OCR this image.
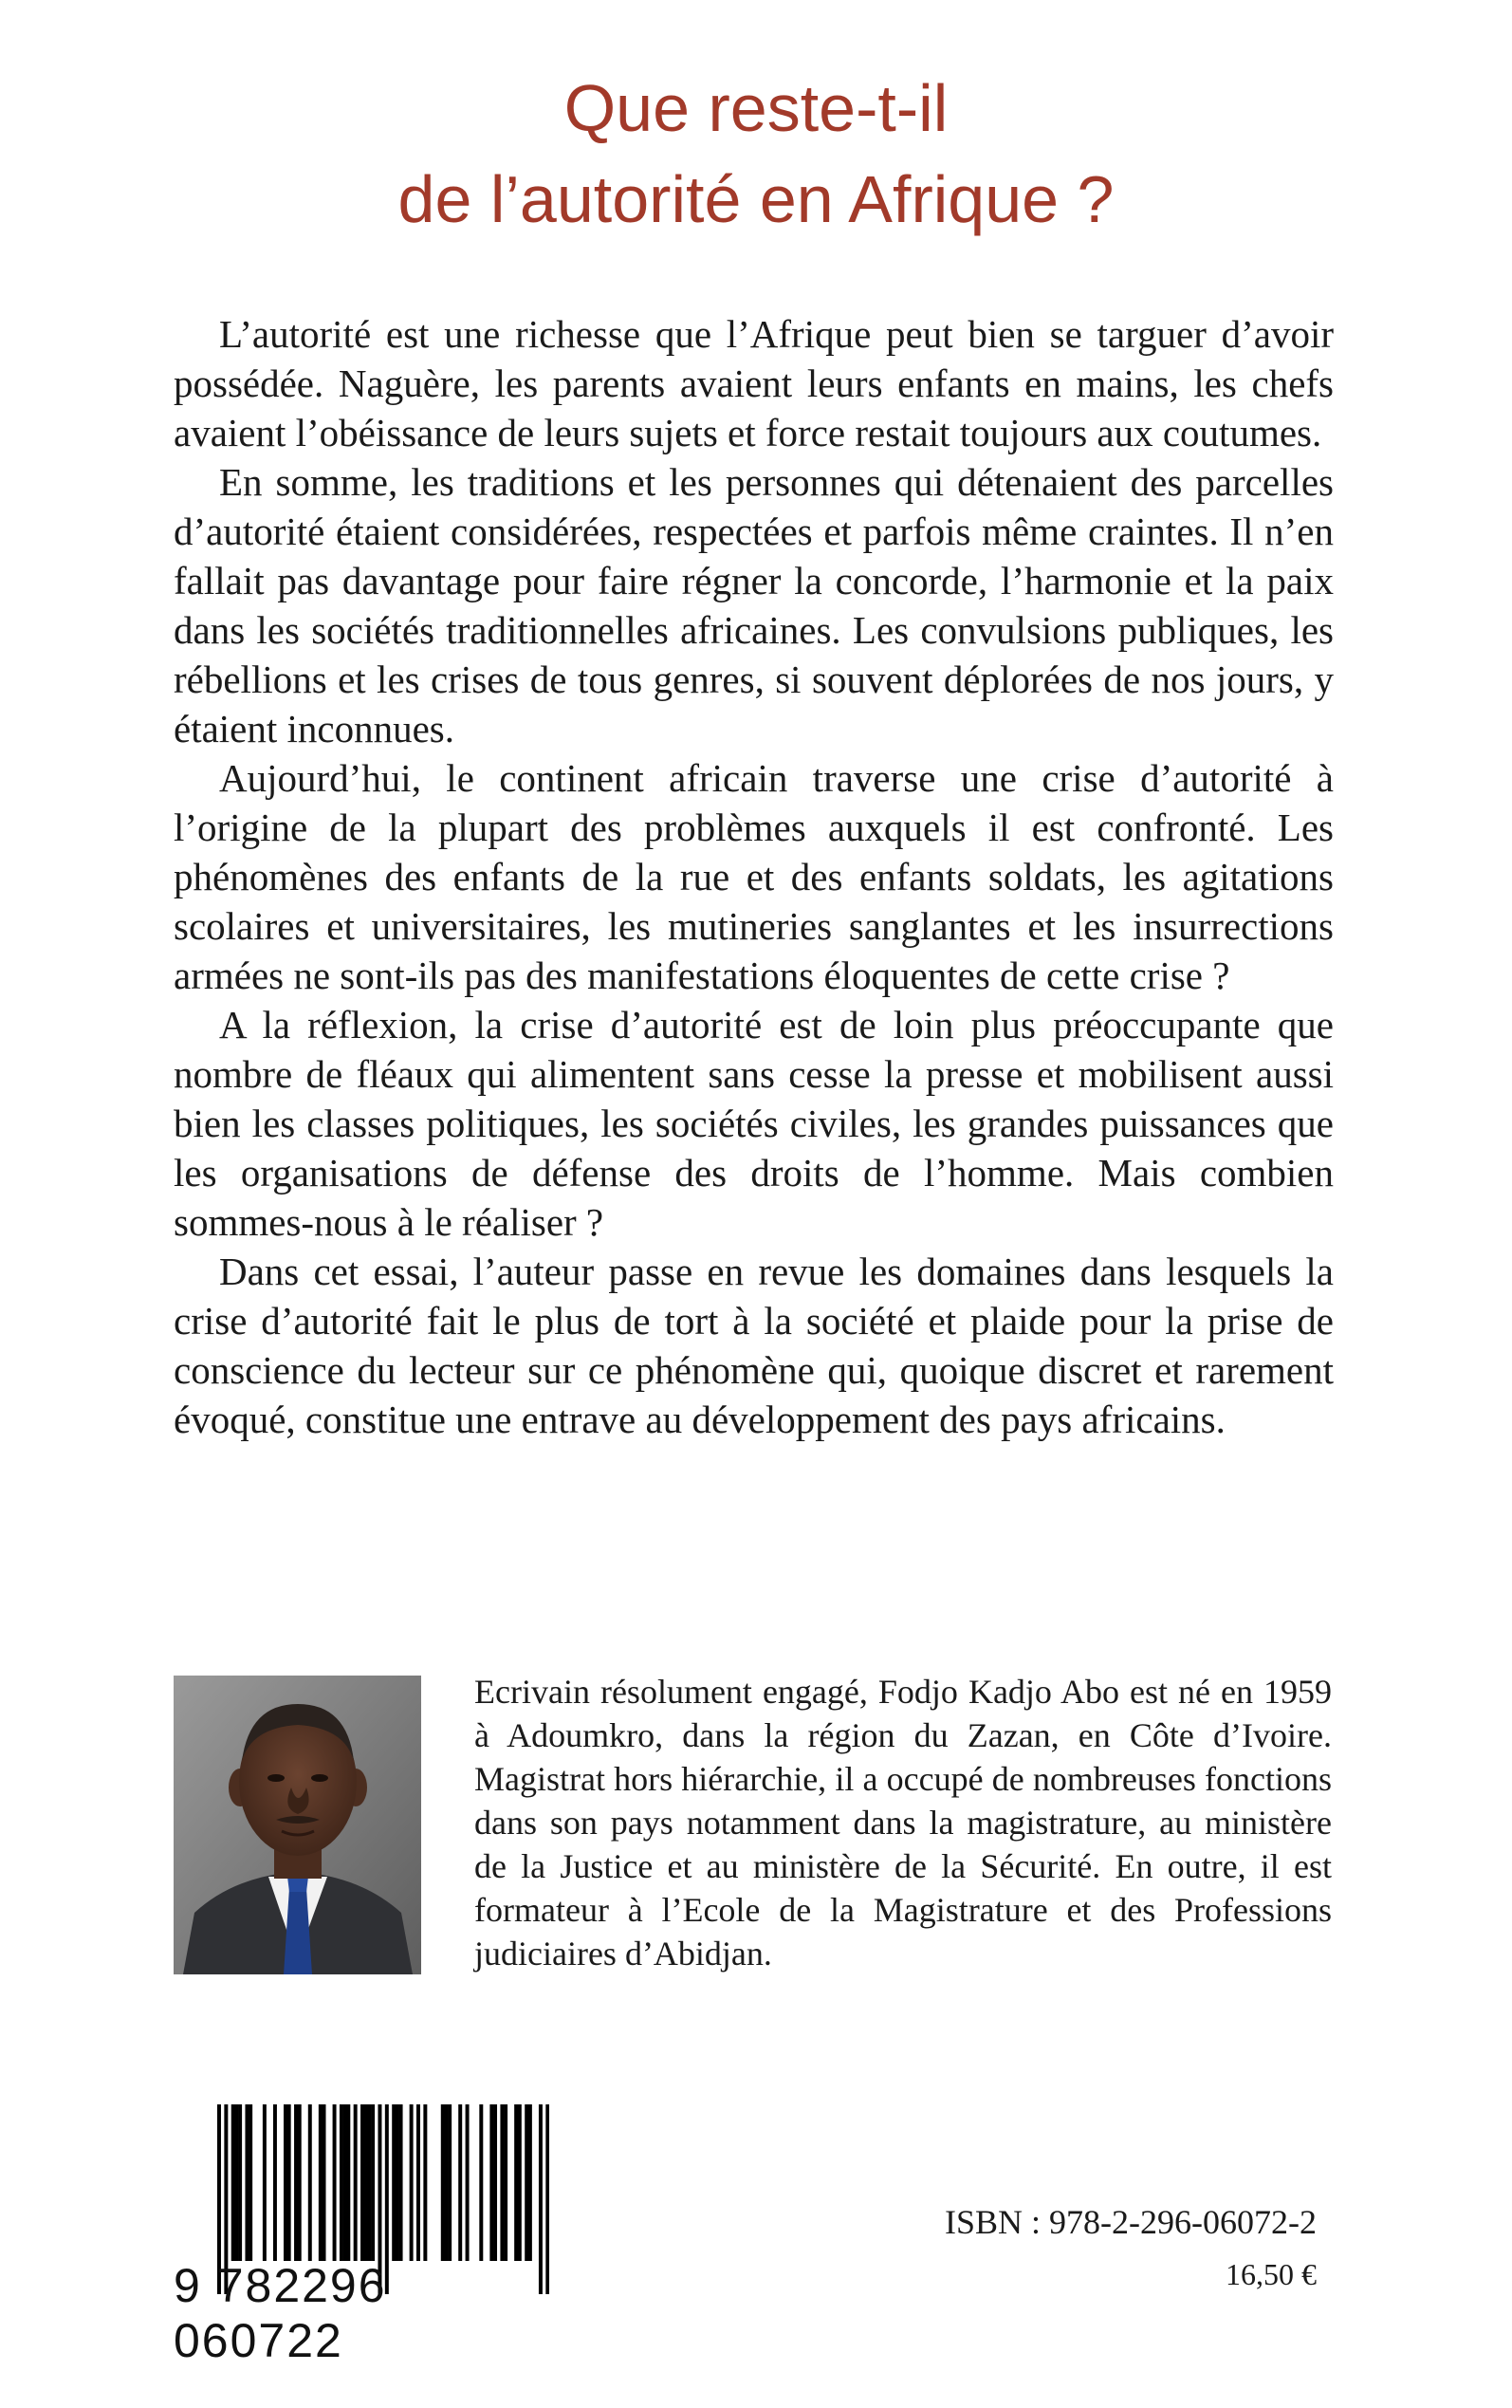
Que reste-t-il
de l’autorité en Afrique ?

L’autorité est une richesse que l’Afrique peut bien se targuer d’avoir possédée. Naguère, les parents avaient leurs enfants en mains, les chefs avaient l’obéissance de leurs sujets et force restait toujours aux coutumes.

En somme, les traditions et les personnes qui détenaient des parcelles d’autorité étaient considérées, respectées et parfois même craintes. Il n’en fallait pas davantage pour faire régner la concorde, l’harmonie et la paix dans les sociétés traditionnelles africaines. Les convulsions publiques, les rébellions et les crises de tous genres, si souvent déplorées de nos jours, y étaient inconnues.

Aujourd’hui, le continent africain traverse une crise d’autorité à l’origine de la plupart des problèmes auxquels il est confronté. Les phénomènes des enfants de la rue et des enfants soldats, les agitations scolaires et universitaires, les mutineries sanglantes et les insurrections armées ne sont-ils pas des manifestations éloquentes de cette crise ?

A la réflexion, la crise d’autorité est de loin plus préoccupante que nombre de fléaux qui alimentent sans cesse la presse et mobilisent aussi bien les classes politiques, les sociétés civiles, les grandes puissances que les organisations de défense des droits de l’homme. Mais combien sommes-nous à le réaliser ?

Dans cet essai, l’auteur passe en revue les domaines dans lesquels la crise d’autorité fait le plus de tort à la société et plaide pour la prise de conscience du lecteur sur ce phénomène qui, quoique discret et rarement évoqué, constitue une entrave au développement des pays africains.

Ecrivain résolument engagé, Fodjo Kadjo Abo est né en 1959 à Adoumkro, dans la région du Zazan, en Côte d’Ivoire. Magistrat hors hiérarchie, il a occupé de nombreuses fonctions dans son pays notamment dans la magistrature, au ministère de la Justice et au ministère de la Sécurité. En outre, il est formateur à l’Ecole de la Magistrature et des Professions judiciaires d’Abidjan.
9 782296 060722
ISBN : 978-2-296-06072-2
16,50 €
